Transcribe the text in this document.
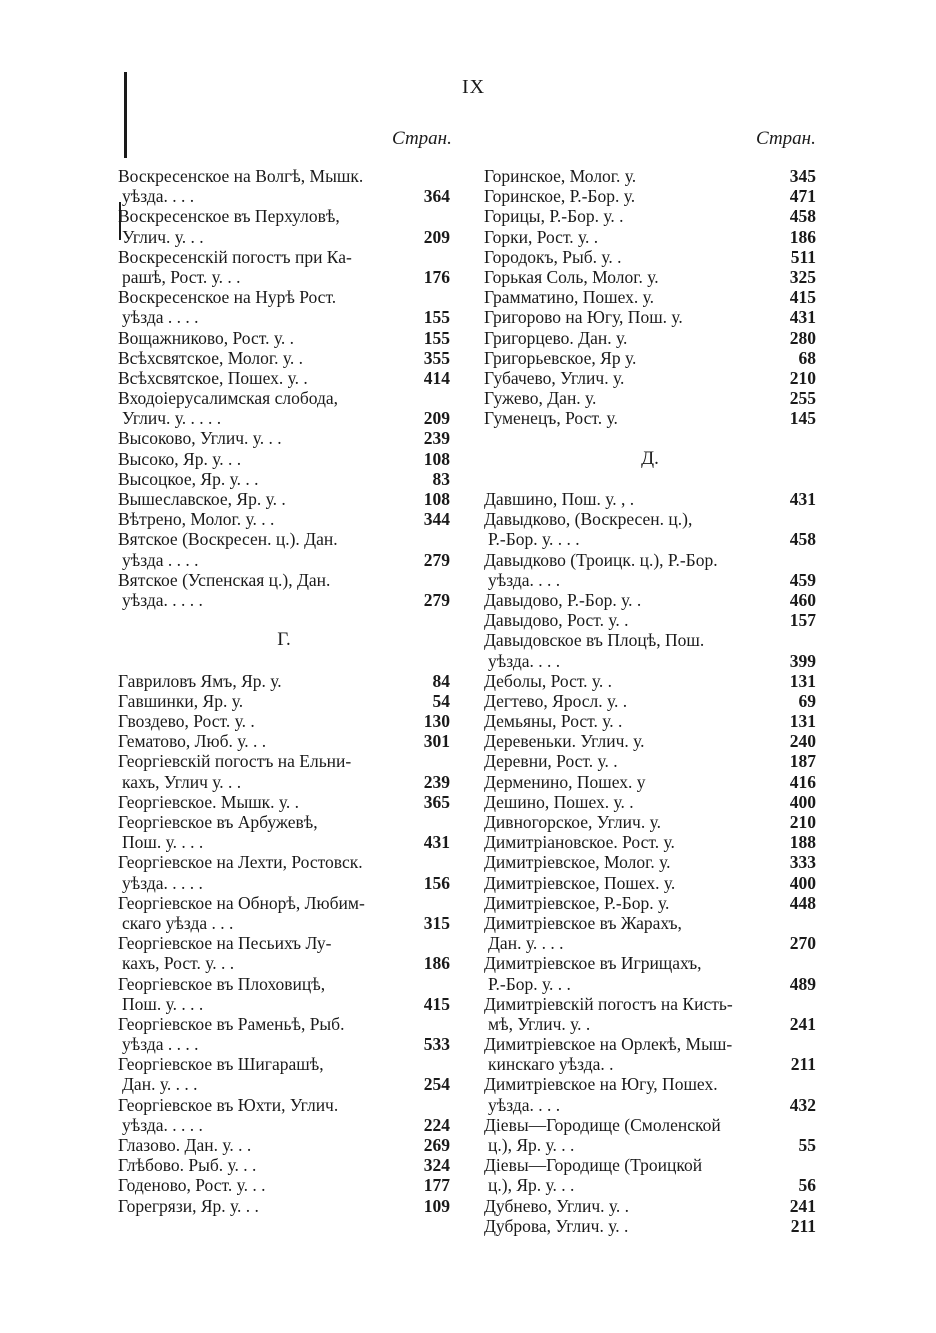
IX
Стран.	Стран.
Воскресенское на Волгѣ, Мышк.
уѣзда. . . .	364
Воскресенское въ Перхуловѣ,
Углич. у. . .	209
Воскресенскій погостъ при Ка-
рашѣ, Рост. у. . .	176
Воскресенское на Нурѣ Рост.
уѣзда . . . .	155
Вощажниково, Рост. у. .	155
Всѣхсвятское, Молог. у. .	355
Всѣхсвятское, Пошех. у. .	414
Входоіерусалимская слобода,
Углич. у. . . . .	209
Высоково, Углич. у. . .	239
Высоко, Яр. у. . .	108
Высоцкое, Яр. у. . .	83
Вышеславское, Яр. у. .	108
Вѣтрено, Молог. у. . .	344
Вятское (Воскресен. ц.). Дан.
уѣзда . . . .	279
Вятское (Успенская ц.), Дан.
уѣзда. . . . .	279
Г.
Гавриловъ Ямъ, Яр. у.	84
Гавшинки, Яр. у.	54
Гвоздево, Рост. у. .	130
Гематово, Люб. у. . .	301
Георгіевскій погостъ на Ельни-
кахъ, Углич у. . .	239
Георгіевское. Мышк. у. .	365
Георгіевское въ Арбужевѣ,
Пош. у. . . .	431
Георгіевское на Лехти, Ростовск.
уѣзда. . . . .	156
Георгіевское на Обнорѣ, Любим-
скаго уѣзда . . .	315
Георгіевское на Песьихъ Лу-
кахъ, Рост. у. . .	186
Георгіевское въ Плоховицѣ,
Пош. у. . . .	415
Георгіевское въ Раменьѣ, Рыб.
уѣзда . . . .	533
Георгіевское въ Шигарашѣ,
Дан. у. . . .	254
Георгіевское въ Юхти, Углич.
уѣзда. . . . .	224
Глазово. Дан. у. . .	269
Глѣбово. Рыб. у. . .	324
Годеново, Рост. у. . .	177
Горегрязи, Яр. у. . .	109
Горинское, Молог. у.	345
Горинское, Р.-Бор. у.	471
Горицы, Р.-Бор. у. .	458
Горки, Рост. у. .	186
Городокъ, Рыб. у. .	511
Горькая Соль, Молог. у.	325
Грамматино, Пошех. у.	415
Григорово на Югу, Пош. у.	431
Григорцево. Дан. у.	280
Григорьевское, Яр у.	68
Губачево, Углич. у.	210
Гужево, Дан. у.	255
Гуменецъ, Рост. у.	145
Д.
Давшино, Пош. у. , .	431
Давыдково, (Воскресен. ц.),
Р.-Бор. у. . . .	458
Давыдково (Троицк. ц.), Р.-Бор.
уѣзда. . . .	459
Давыдово, Р.-Бор. у. .	460
Давыдово, Рост. у. .	157
Давыдовское въ Плоцѣ, Пош.
уѣзда. . . .	399
Деболы, Рост. у. .	131
Дегтево, Яросл. у. .	69
Демьяны, Рост. у. .	131
Деревеньки. Углич. у.	240
Деревни, Рост. у. .	187
Дерменино, Пошех. у	416
Дешино, Пошех. у. .	400
Дивногорское, Углич. у.	210
Димитріановское. Рост. у.	188
Димитріевское, Молог. у.	333
Димитріевское, Пошех. у.	400
Димитріевское, Р.-Бор. у.	448
Димитріевское въ Жарахъ,
Дан. у. . . .	270
Димитріевское въ Игрищахъ,
Р.-Бор. у. . .	489
Димитріевскій погостъ на Кисть-
мѣ, Углич. у. .	241
Димитріевское на Орлекѣ, Мыш-
кинскаго уѣзда. .	211
Димитріевское на Югу, Пошех.
уѣзда. . . .	432
Діевы—Городище (Смоленской
ц.), Яр. у. . .	55
Діевы—Городище (Троицкой
ц.), Яр. у. . .	56
Дубнево, Углич. у. .	241
Дуброва, Углич. у. .	211
